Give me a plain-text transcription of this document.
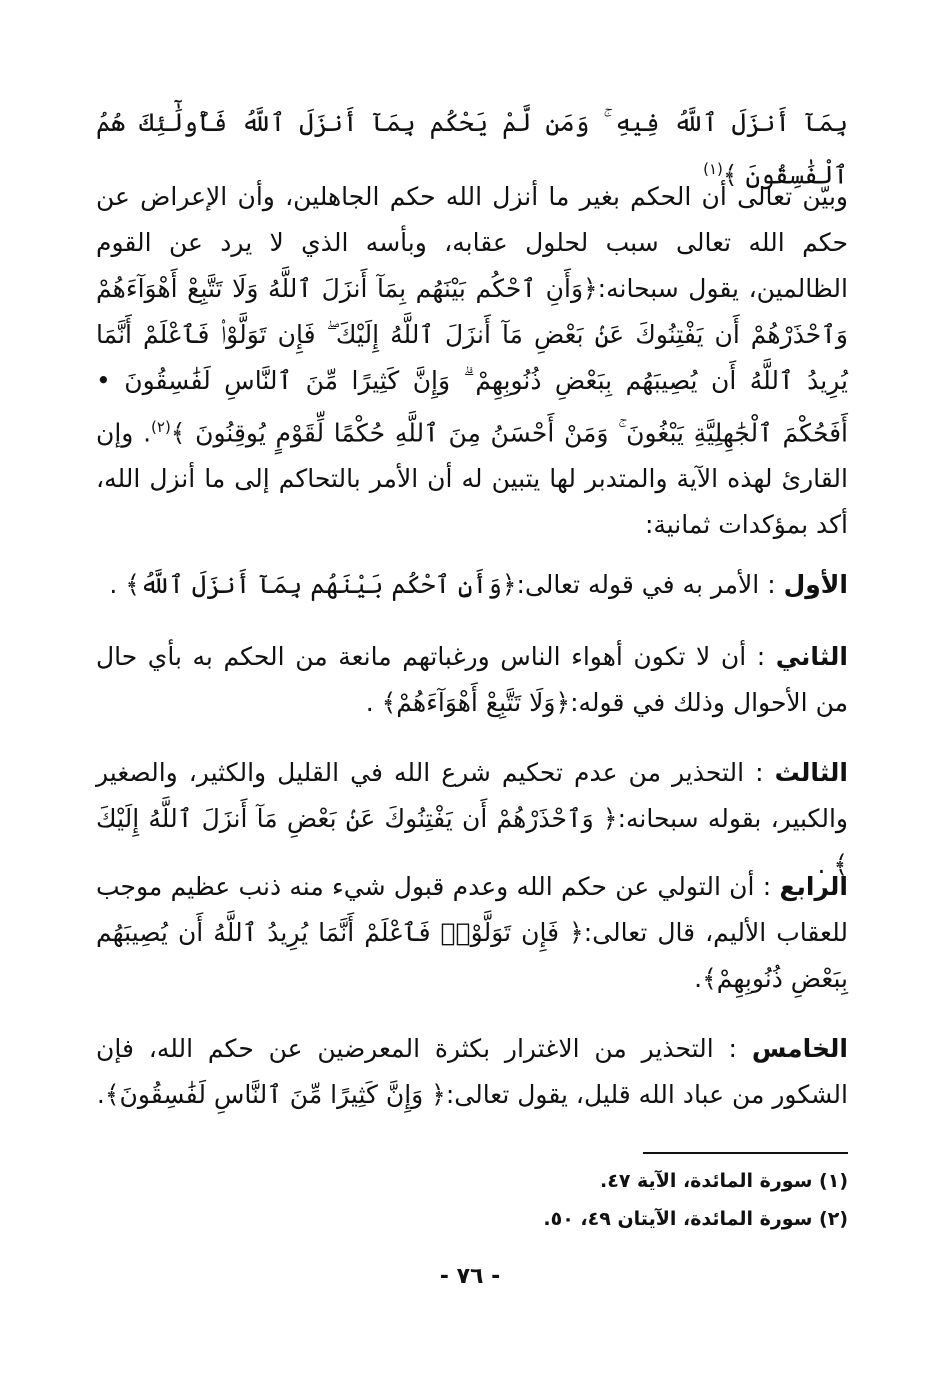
بِمَآ أَنزَلَ ٱللَّهُ فِيهِ ۚ وَمَن لَّمْ يَحْكُم بِمَآ أَنزَلَ ٱللَّهُ فَأُولَٰٓئِكَ هُمُ ٱلْفَٰسِقُونَ ﴾$^{(١)}$
وبيّن تعالى أن الحكم بغير ما أنزل الله حكم الجاهلين، وأن الإعراض عن حكم الله تعالى سبب لحلول عقابه، وبأسه الذي لا يرد عن القوم الظالمين، يقول سبحانه:﴿وَأَنِ ٱحْكُم بَيْنَهُم بِمَآ أَنزَلَ ٱللَّهُ وَلَا تَتَّبِعْ أَهْوَآءَهُمْ وَٱحْذَرْهُمْ أَن يَفْتِنُوكَ عَنۢ بَعْضِ مَآ أَنزَلَ ٱللَّهُ إِلَيْكَ ۖ فَإِن تَوَلَّوْا۟ فَٱعْلَمْ أَنَّمَا يُرِيدُ ٱللَّهُ أَن يُصِيبَهُم بِبَعْضِ ذُنُوبِهِمْ ۗ وَإِنَّ كَثِيرًا مِّنَ ٱلنَّاسِ لَفَٰسِقُونَ • أَفَحُكْمَ ٱلْجَٰهِلِيَّةِ يَبْغُونَ ۚ وَمَنْ أَحْسَنُ مِنَ ٱللَّهِ حُكْمًا لِّقَوْمٍ يُوقِنُونَ ﴾$^{(٢)}$. وإن القارئ لهذه الآية والمتدبر لها يتبين له أن الأمر بالتحاكم إلى ما أنزل الله، أكد بمؤكدات ثمانية:
الأول : الأمر به في قوله تعالى:﴿وَأَنِ ٱحْكُم بَيْنَهُم بِمَآ أَنزَلَ ٱللَّهُ﴾ .
الثاني : أن لا تكون أهواء الناس ورغباتهم مانعة من الحكم به بأي حال من الأحوال وذلك في قوله:﴿وَلَا تَتَّبِعْ أَهْوَآءَهُمْ﴾ .
الثالث : التحذير من عدم تحكيم شرع الله في القليل والكثير، والصغير والكبير، بقوله سبحانه:﴿ وَٱحْذَرْهُمْ أَن يَفْتِنُوكَ عَنۢ بَعْضِ مَآ أَنزَلَ ٱللَّهُ إِلَيْكَ ﴾ .
الرابع : أن التولي عن حكم الله وعدم قبول شيء منه ذنب عظيم موجب للعقاب الأليم، قال تعالى:﴿ فَإِن تَوَلَّوْا۟ فَٱعْلَمْ أَنَّمَا يُرِيدُ ٱللَّهُ أَن يُصِيبَهُم بِبَعْضِ ذُنُوبِهِمْ﴾.
الخامس : التحذير من الاغترار بكثرة المعرضين عن حكم الله، فإن الشكور من عباد الله قليل، يقول تعالى:﴿ وَإِنَّ كَثِيرًا مِّنَ ٱلنَّاسِ لَفَٰسِقُونَ﴾.
(١) سورة المائدة، الآية ٤٧.
(٢) سورة المائدة، الآيتان ٤٩، ٥٠.
- ٧٦ -
